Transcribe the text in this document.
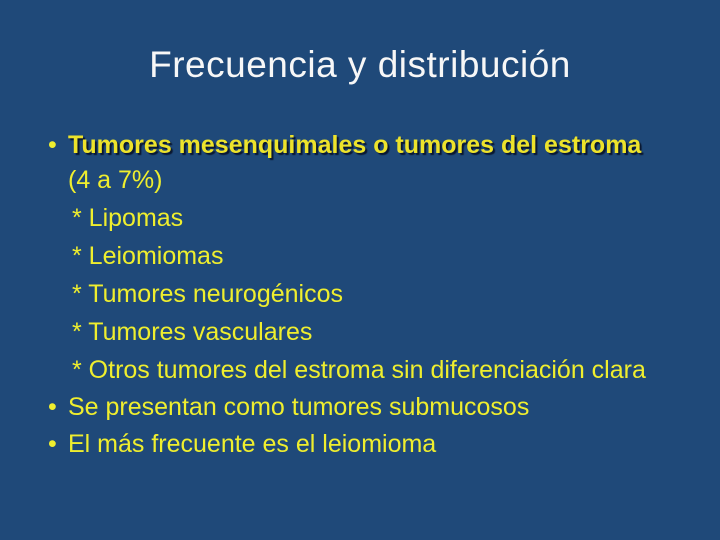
Frecuencia y distribución
• Tumores mesenquimales o tumores del estroma
(4 a 7%)
* Lipomas
* Leiomiomas
* Tumores neurogénicos
* Tumores vasculares
* Otros tumores del estroma sin diferenciación clara
• Se presentan como tumores submucosos
• El más frecuente es el leiomioma
